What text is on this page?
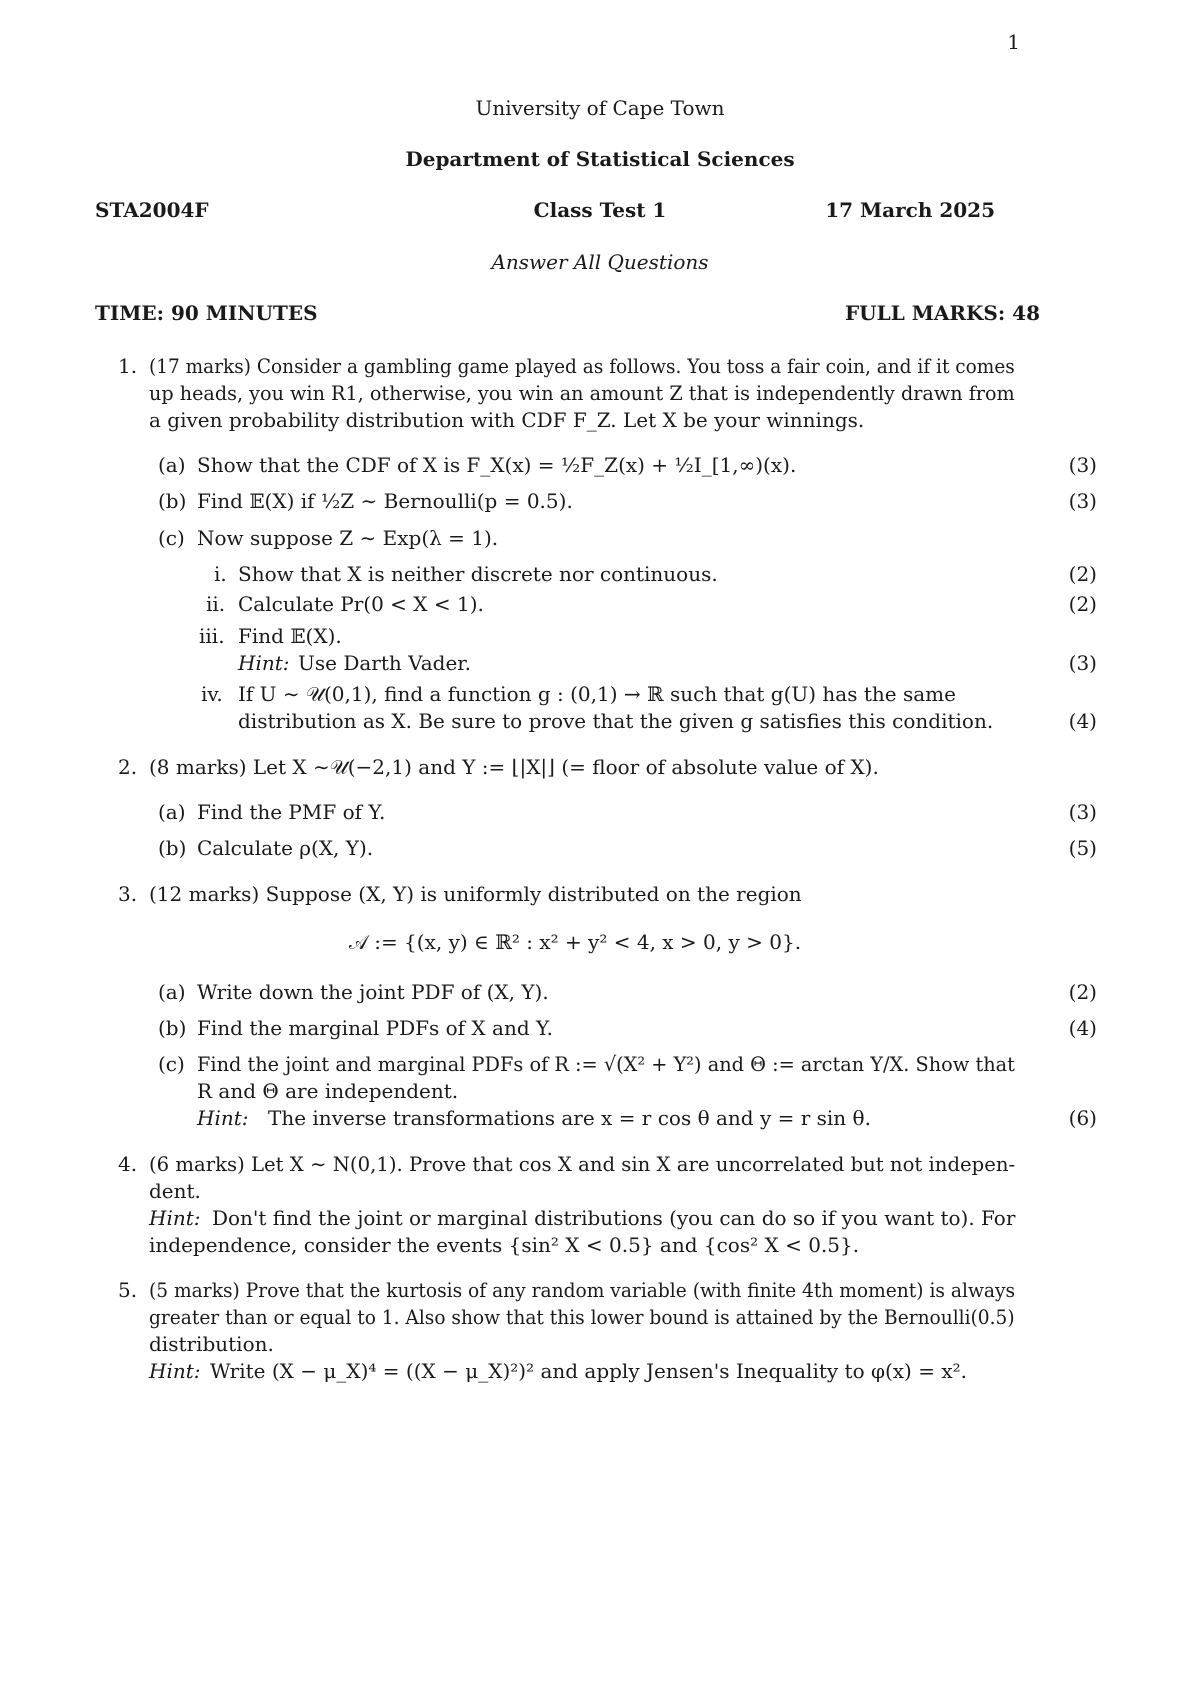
1
University of Cape Town
Department of Statistical Sciences
STA2004F	Class Test 1	17 March 2025
Answer All Questions
TIME: 90 MINUTES	FULL MARKS: 48
1. (17 marks) Consider a gambling game played as follows. You toss a fair coin, and if it comes
up heads, you win R1, otherwise, you win an amount Z that is independently drawn from
a given probability distribution with CDF F_Z. Let X be your winnings.
(a) Show that the CDF of X is F_X(x) = ½F_Z(x) + ½I_[1,∞)(x).	(3)
(b) Find 𝔼(X) if ½Z ∼ Bernoulli(p = 0.5).	(3)
(c) Now suppose Z ∼ Exp(λ = 1).
i. Show that X is neither discrete nor continuous.	(2)
ii. Calculate Pr(0 < X < 1).	(2)
iii. Find 𝔼(X).
Hint: Use Darth Vader.	(3)
iv. If U ∼ 𝒰(0,1), find a function g : (0,1) → ℝ such that g(U) has the same
distribution as X. Be sure to prove that the given g satisfies this condition.	(4)
2. (8 marks) Let X ∼𝒰(−2,1) and Y := ⌊|X|⌋ (= floor of absolute value of X).
(a) Find the PMF of Y.	(3)
(b) Calculate ρ(X, Y).	(5)
3. (12 marks) Suppose (X, Y) is uniformly distributed on the region
𝒜 := {(x, y) ∈ ℝ² : x² + y² < 4, x > 0, y > 0}.
(a) Write down the joint PDF of (X, Y).	(2)
(b) Find the marginal PDFs of X and Y.	(4)
(c) Find the joint and marginal PDFs of R := √(X² + Y²) and Θ := arctan Y/X. Show that
R and Θ are independent.
Hint: The inverse transformations are x = r cos θ and y = r sin θ.	(6)
4. (6 marks) Let X ∼ N(0,1). Prove that cos X and sin X are uncorrelated but not indepen-
dent.
Hint: Don't find the joint or marginal distributions (you can do so if you want to). For
independence, consider the events {sin² X < 0.5} and {cos² X < 0.5}.
5. (5 marks) Prove that the kurtosis of any random variable (with finite 4th moment) is always
greater than or equal to 1. Also show that this lower bound is attained by the Bernoulli(0.5)
distribution.
Hint: Write (X − μ_X)⁴ = ((X − μ_X)²)² and apply Jensen's Inequality to φ(x) = x².
